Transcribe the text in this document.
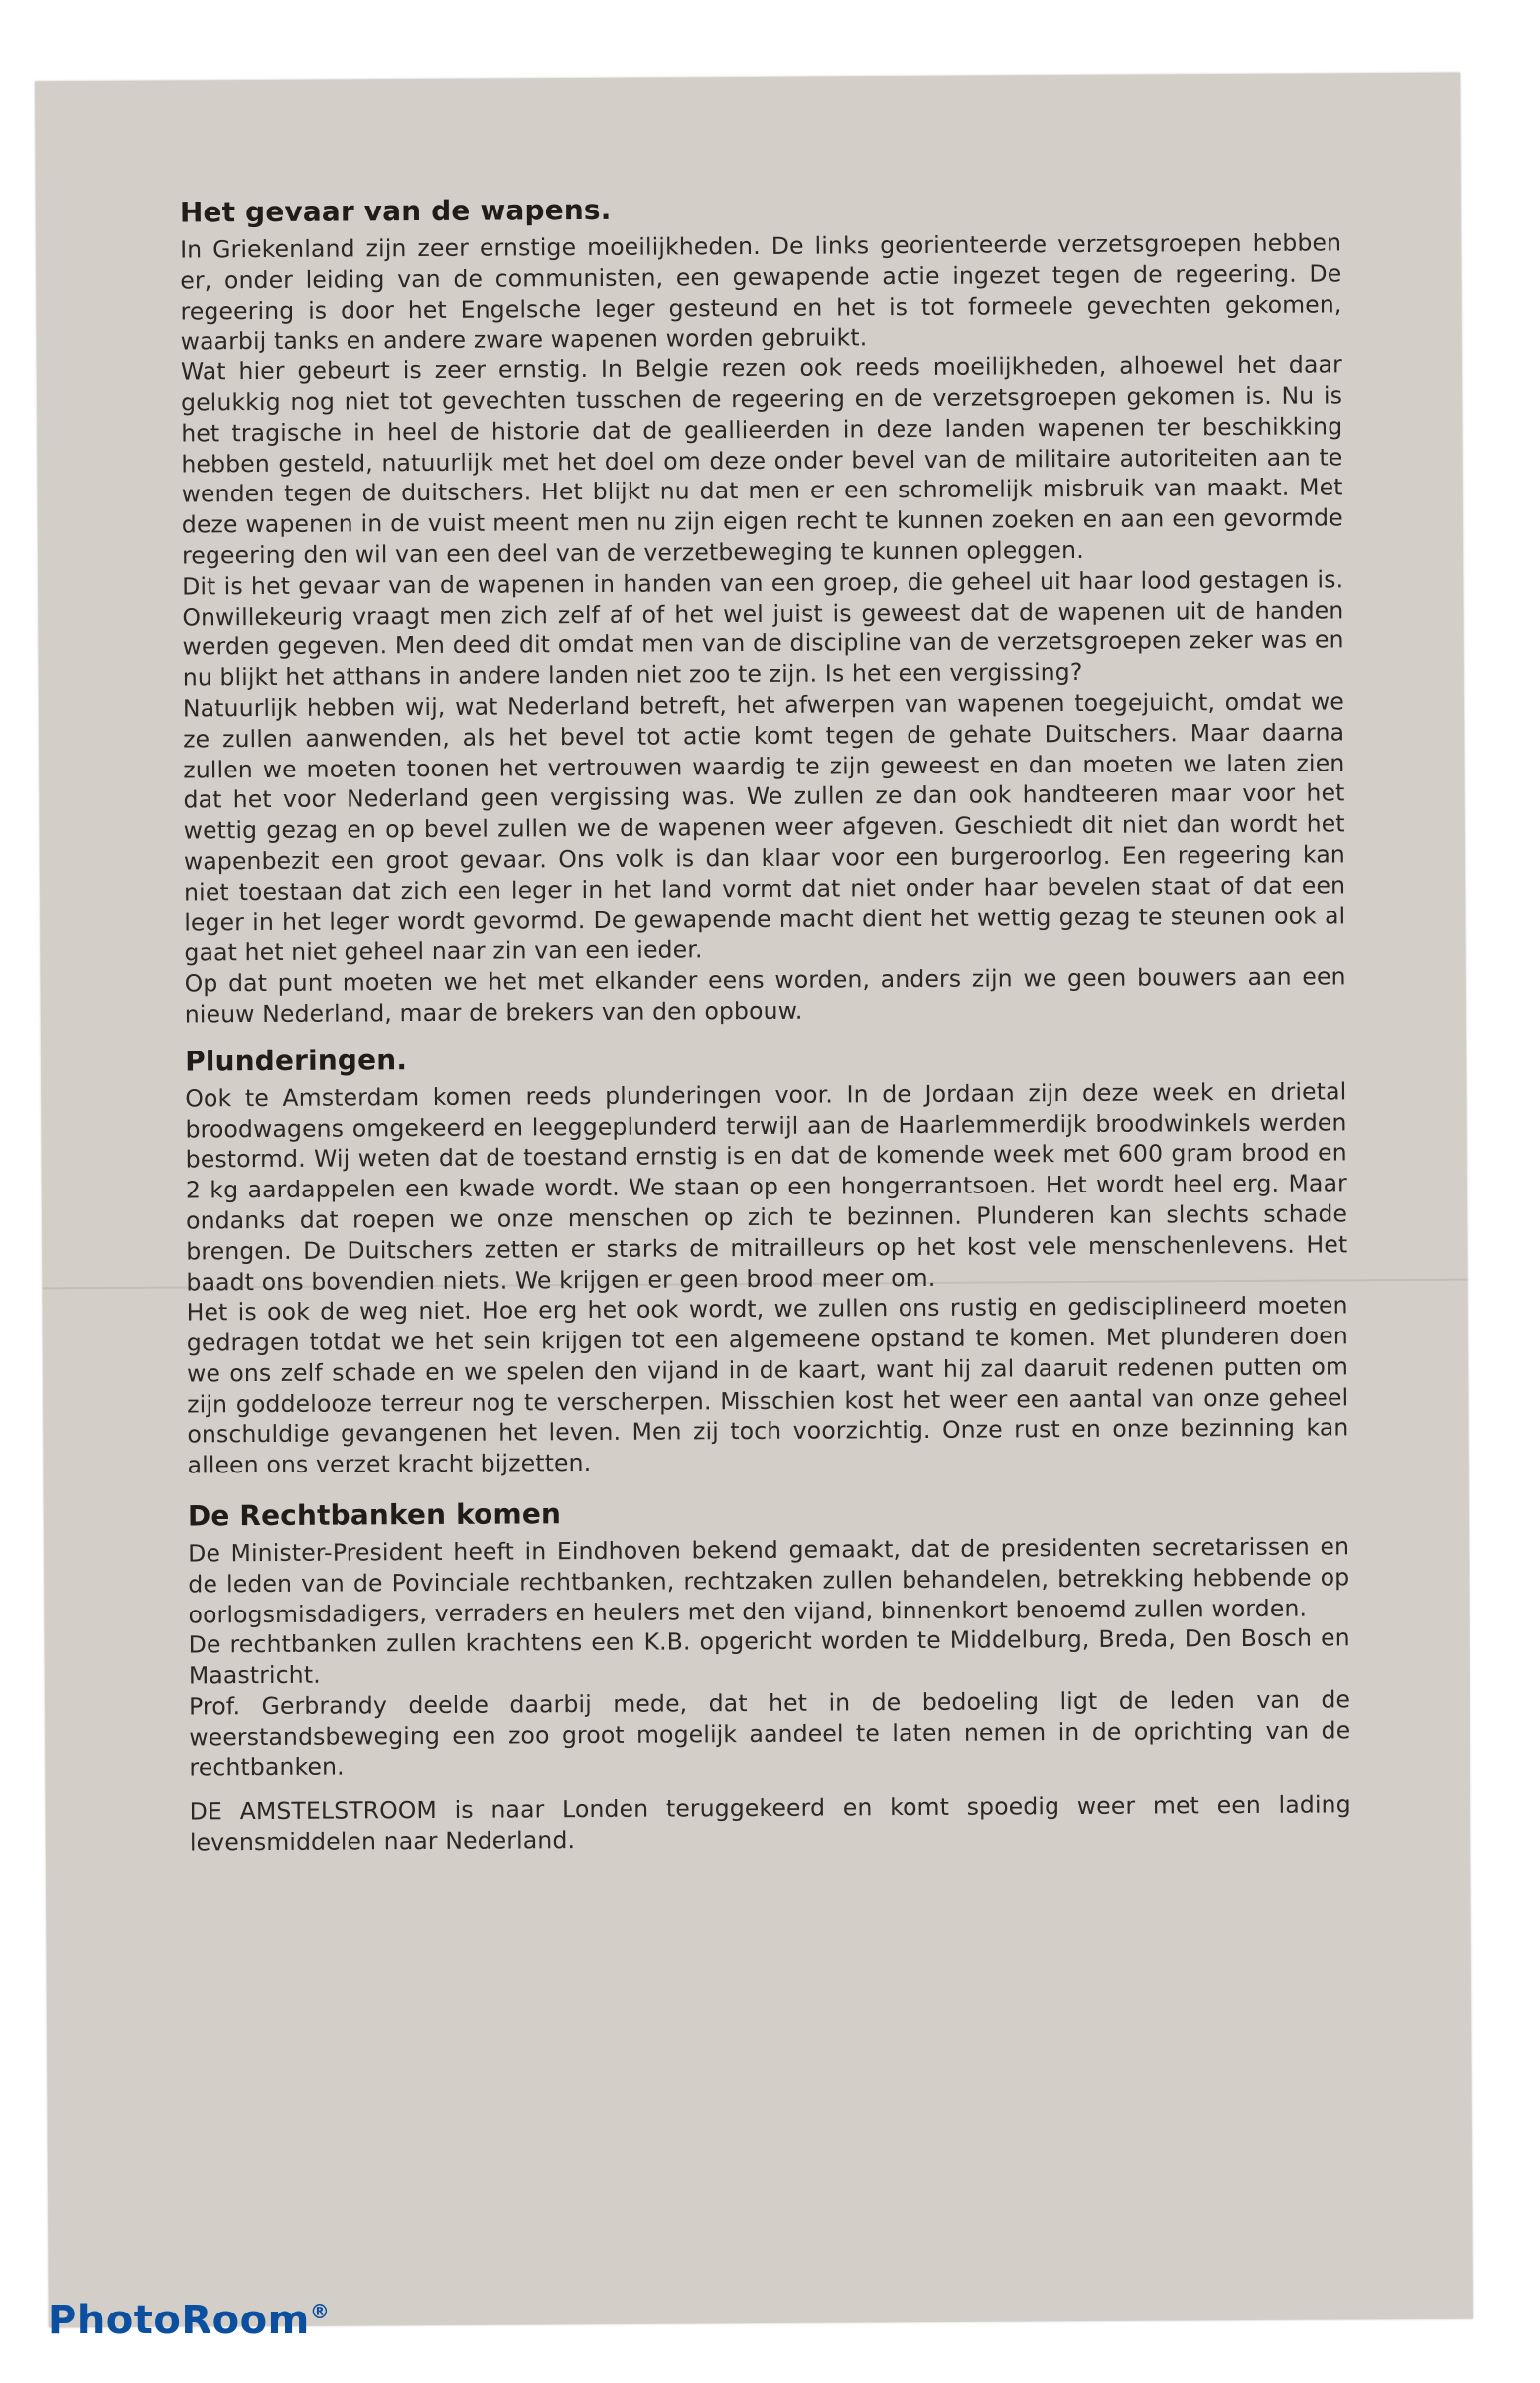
Het gevaar van de wapens.

In Griekenland zijn zeer ernstige moeilijkheden. De links georienteerde verzetsgroepen hebben er, onder leiding van de communisten, een gewapende actie ingezet tegen de regeering. De regeering is door het Engelsche leger gesteund en het is tot formeele gevechten gekomen, waarbij tanks en andere zware wapenen worden gebruikt.

Wat hier gebeurt is zeer ernstig. In Belgie rezen ook reeds moeilijkheden, alhoewel het daar gelukkig nog niet tot gevechten tusschen de regeering en de verzetsgroepen gekomen is. Nu is het tragische in heel de historie dat de geallieerden in deze landen wapenen ter beschikking hebben gesteld, natuurlijk met het doel om deze onder bevel van de militaire autoriteiten aan te wenden tegen de duitschers. Het blijkt nu dat men er een schromelijk misbruik van maakt. Met deze wapenen in de vuist meent men nu zijn eigen recht te kunnen zoeken en aan een gevormde regeering den wil van een deel van de verzetbeweging te kunnen opleggen.

Dit is het gevaar van de wapenen in handen van een groep, die geheel uit haar lood gestagen is. Onwillekeurig vraagt men zich zelf af of het wel juist is geweest dat de wapenen uit de handen werden gegeven. Men deed dit omdat men van de discipline van de verzetsgroepen zeker was en nu blijkt het atthans in andere landen niet zoo te zijn. Is het een vergissing?

Natuurlijk hebben wij, wat Nederland betreft, het afwerpen van wapenen toegejuicht, omdat we ze zullen aanwenden, als het bevel tot actie komt tegen de gehate Duitschers. Maar daarna zullen we moeten toonen het vertrouwen waardig te zijn geweest en dan moeten we laten zien dat het voor Nederland geen vergissing was. We zullen ze dan ook handteeren maar voor het wettig gezag en op bevel zullen we de wapenen weer afgeven. Geschiedt dit niet dan wordt het wapenbezit een groot gevaar. Ons volk is dan klaar voor een burgeroorlog. Een regeering kan niet toestaan dat zich een leger in het land vormt dat niet onder haar bevelen staat of dat een leger in het leger wordt gevormd. De gewapende macht dient het wettig gezag te steunen ook al gaat het niet geheel naar zin van een ieder.

Op dat punt moeten we het met elkander eens worden, anders zijn we geen bouwers aan een nieuw Nederland, maar de brekers van den opbouw.

Plunderingen.

Ook te Amsterdam komen reeds plunderingen voor. In de Jordaan zijn deze week en drietal broodwagens omgekeerd en leeggeplunderd terwijl aan de Haarlemmerdijk broodwinkels werden bestormd. Wij weten dat de toestand ernstig is en dat de komende week met 600 gram brood en 2 kg aardappelen een kwade wordt. We staan op een hongerrantsoen. Het wordt heel erg. Maar ondanks dat roepen we onze menschen op zich te bezinnen. Plunderen kan slechts schade brengen. De Duitschers zetten er starks de mitrailleurs op het kost vele menschenlevens. Het baadt ons bovendien niets. We krijgen er geen brood meer om.

Het is ook de weg niet. Hoe erg het ook wordt, we zullen ons rustig en gedisciplineerd moeten gedragen totdat we het sein krijgen tot een algemeene opstand te komen. Met plunderen doen we ons zelf schade en we spelen den vijand in de kaart, want hij zal daaruit redenen putten om zijn goddelooze terreur nog te verscherpen. Misschien kost het weer een aantal van onze geheel onschuldige gevangenen het leven. Men zij toch voorzichtig. Onze rust en onze bezinning kan alleen ons verzet kracht bijzetten.

De Rechtbanken komen

De Minister-President heeft in Eindhoven bekend gemaakt, dat de presidenten secretarissen en de leden van de Povinciale rechtbanken, rechtzaken zullen behandelen, betrekking hebbende op oorlogsmisdadigers, verraders en heulers met den vijand, binnenkort benoemd zullen worden.

De rechtbanken zullen krachtens een K.B. opgericht worden te Middelburg, Breda, Den Bosch en Maastricht.

Prof. Gerbrandy deelde daarbij mede, dat het in de bedoeling ligt de leden van de weerstandsbeweging een zoo groot mogelijk aandeel te laten nemen in de oprichting van de rechtbanken.

DE AMSTELSTROOM is naar Londen teruggekeerd en komt spoedig weer met een lading levensmiddelen naar Nederland.

PhotoRoom®
